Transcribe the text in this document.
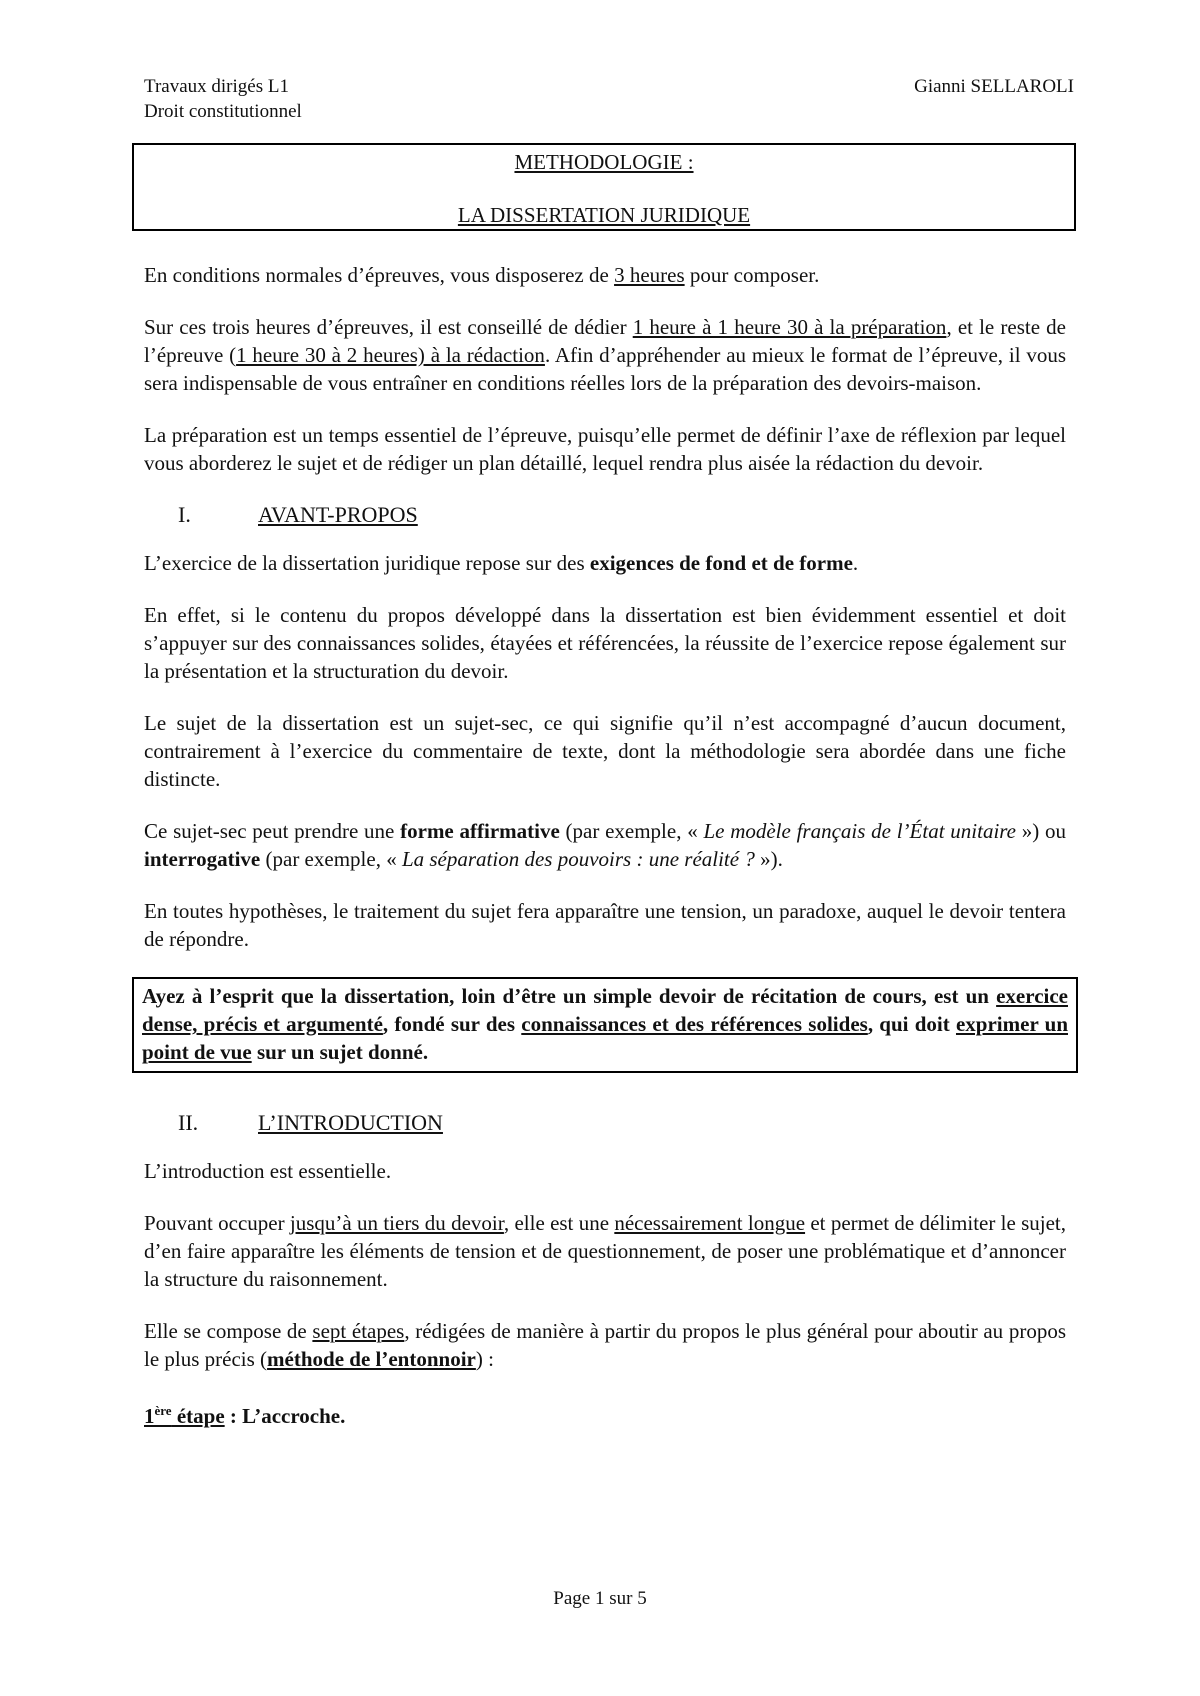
Travaux dirigés L1
Droit constitutionnel
Gianni SELLAROLI
METHODOLOGIE :
LA DISSERTATION JURIDIQUE

En conditions normales d’épreuves, vous disposerez de 3 heures pour composer.

Sur ces trois heures d’épreuves, il est conseillé de dédier 1 heure à 1 heure 30 à la préparation, et le reste de l’épreuve (1 heure 30 à 2 heures) à la rédaction. Afin d’appréhender au mieux le format de l’épreuve, il vous sera indispensable de vous entraîner en conditions réelles lors de la préparation des devoirs-maison.

La préparation est un temps essentiel de l’épreuve, puisqu’elle permet de définir l’axe de réflexion par lequel vous aborderez le sujet et de rédiger un plan détaillé, lequel rendra plus aisée la rédaction du devoir.

I.	AVANT-PROPOS

L’exercice de la dissertation juridique repose sur des exigences de fond et de forme.

En effet, si le contenu du propos développé dans la dissertation est bien évidemment essentiel et doit s’appuyer sur des connaissances solides, étayées et référencées, la réussite de l’exercice repose également sur la présentation et la structuration du devoir.

Le sujet de la dissertation est un sujet-sec, ce qui signifie qu’il n’est accompagné d’aucun document, contrairement à l’exercice du commentaire de texte, dont la méthodologie sera abordée dans une fiche distincte.

Ce sujet-sec peut prendre une forme affirmative (par exemple, « Le modèle français de l’État unitaire ») ou interrogative (par exemple, « La séparation des pouvoirs : une réalité ? »).

En toutes hypothèses, le traitement du sujet fera apparaître une tension, un paradoxe, auquel le devoir tentera de répondre.

Ayez à l’esprit que la dissertation, loin d’être un simple devoir de récitation de cours, est un exercice dense, précis et argumenté, fondé sur des connaissances et des références solides, qui doit exprimer un point de vue sur un sujet donné.
II.	L’INTRODUCTION

L’introduction est essentielle.

Pouvant occuper jusqu’à un tiers du devoir, elle est une nécessairement longue et permet de délimiter le sujet, d’en faire apparaître les éléments de tension et de questionnement, de poser une problématique et d’annoncer la structure du raisonnement.

Elle se compose de sept étapes, rédigées de manière à partir du propos le plus général pour aboutir au propos le plus précis (méthode de l’entonnoir) :

1ère étape : L’accroche.
Page 1 sur 5
